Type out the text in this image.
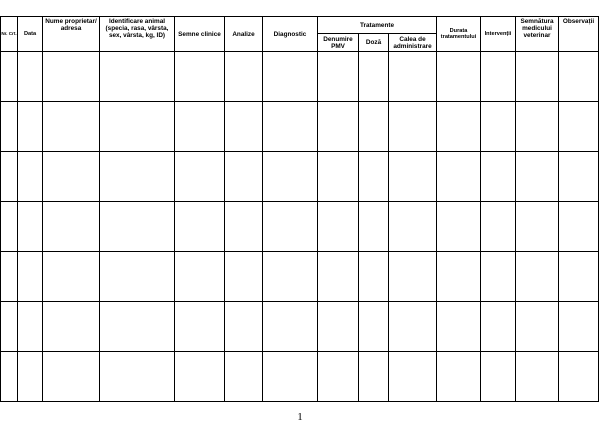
Nr. Crt.	Data	Nume proprietar/ adresa	Identificare animal (specia, rasa, vârsta, sex, vârsta, kg, ID)	Semne clinice	Analize	Diagnostic	Tratamente			Durata tratamentului	Intervenții	Semnătura medicului veterinar	Observații
							Denumire PMV	Doză	Calea de administrare				

1
